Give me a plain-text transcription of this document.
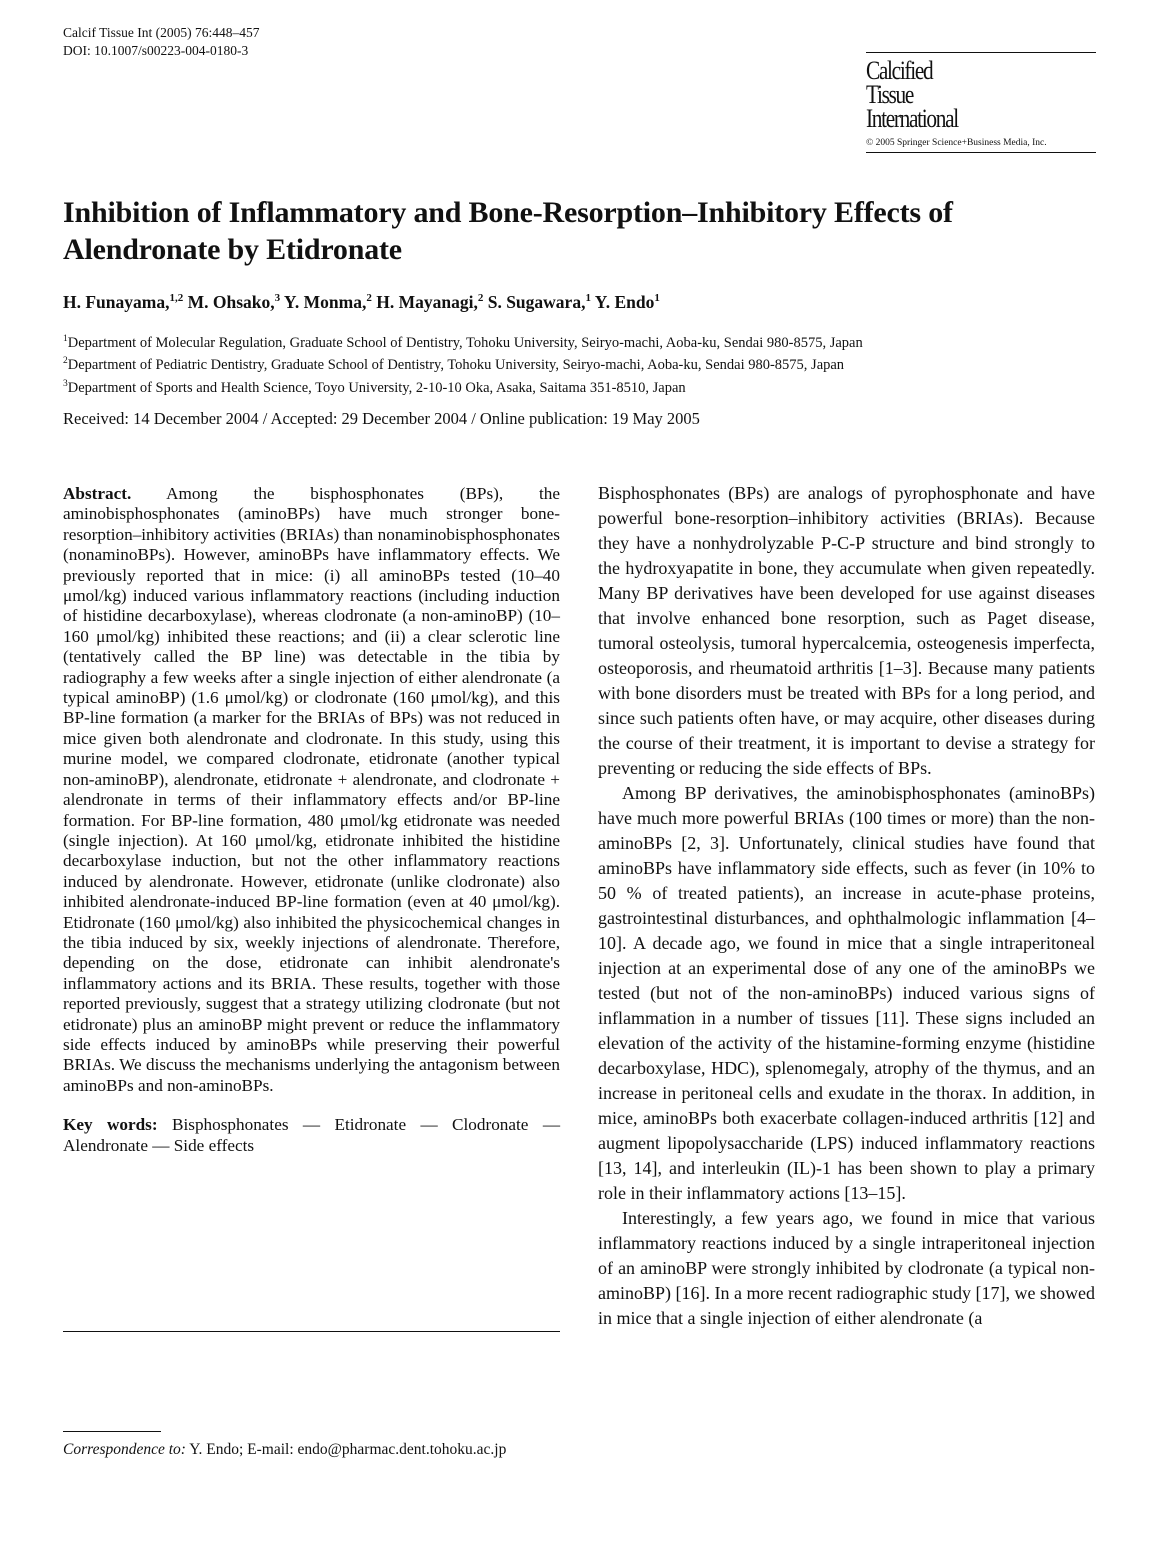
Calcif Tissue Int (2005) 76:448–457
DOI: 10.1007/s00223-004-0180-3
Calcified
Tissue
International
© 2005 Springer Science+Business Media, Inc.
Inhibition of Inflammatory and Bone-Resorption–Inhibitory Effects of Alendronate by Etidronate
H. Funayama,$^{1,2}$ M. Ohsako,$^3$ Y. Monma,$^2$ H. Mayanagi,$^2$ S. Sugawara,$^1$ Y. Endo$^1$
$^1$Department of Molecular Regulation, Graduate School of Dentistry, Tohoku University, Seiryo-machi, Aoba-ku, Sendai 980-8575, Japan
$^2$Department of Pediatric Dentistry, Graduate School of Dentistry, Tohoku University, Seiryo-machi, Aoba-ku, Sendai 980-8575, Japan
$^3$Department of Sports and Health Science, Toyo University, 2-10-10 Oka, Asaka, Saitama 351-8510, Japan
Received: 14 December 2004 / Accepted: 29 December 2004 / Online publication: 19 May 2005

Abstract. Among the bisphosphonates (BPs), the aminobisphosphonates (aminoBPs) have much stronger bone-resorption–inhibitory activities (BRIAs) than nonaminobisphosphonates (nonaminoBPs). However, aminoBPs have inflammatory effects. We previously reported that in mice: (i) all aminoBPs tested (10–40 μmol/kg) induced various inflammatory reactions (including induction of histidine decarboxylase), whereas clodronate (a non-aminoBP) (10–160 μmol/kg) inhibited these reactions; and (ii) a clear sclerotic line (tentatively called the BP line) was detectable in the tibia by radiography a few weeks after a single injection of either alendronate (a typical aminoBP) (1.6 μmol/kg) or clodronate (160 μmol/kg), and this BP-line formation (a marker for the BRIAs of BPs) was not reduced in mice given both alendronate and clodronate. In this study, using this murine model, we compared clodronate, etidronate (another typical non-aminoBP), alendronate, etidronate + alendronate, and clodronate + alendronate in terms of their inflammatory effects and/or BP-line formation. For BP-line formation, 480 μmol/kg etidronate was needed (single injection). At 160 μmol/kg, etidronate inhibited the histidine decarboxylase induction, but not the other inflammatory reactions induced by alendronate. However, etidronate (unlike clodronate) also inhibited alendronate-induced BP-line formation (even at 40 μmol/kg). Etidronate (160 μmol/kg) also inhibited the physicochemical changes in the tibia induced by six, weekly injections of alendronate. Therefore, depending on the dose, etidronate can inhibit alendronate's inflammatory actions and its BRIA. These results, together with those reported previously, suggest that a strategy utilizing clodronate (but not etidronate) plus an aminoBP might prevent or reduce the inflammatory side effects induced by aminoBPs while preserving their powerful BRIAs. We discuss the mechanisms underlying the antagonism between aminoBPs and non-aminoBPs.

Key words: Bisphosphonates — Etidronate — Clodronate — Alendronate — Side effects

Correspondence to: Y. Endo; E-mail: endo@pharmac.dent.tohoku.ac.jp

Bisphosphonates (BPs) are analogs of pyrophosphonate and have powerful bone-resorption–inhibitory activities (BRIAs). Because they have a nonhydrolyzable P-C-P structure and bind strongly to the hydroxyapatite in bone, they accumulate when given repeatedly. Many BP derivatives have been developed for use against diseases that involve enhanced bone resorption, such as Paget disease, tumoral osteolysis, tumoral hypercalcemia, osteogenesis imperfecta, osteoporosis, and rheumatoid arthritis [1–3]. Because many patients with bone disorders must be treated with BPs for a long period, and since such patients often have, or may acquire, other diseases during the course of their treatment, it is important to devise a strategy for preventing or reducing the side effects of BPs.

Among BP derivatives, the aminobisphosphonates (aminoBPs) have much more powerful BRIAs (100 times or more) than the non-aminoBPs [2, 3]. Unfortunately, clinical studies have found that aminoBPs have inflammatory side effects, such as fever (in 10% to 50 % of treated patients), an increase in acute-phase proteins, gastrointestinal disturbances, and ophthalmologic inflammation [4–10]. A decade ago, we found in mice that a single intraperitoneal injection at an experimental dose of any one of the aminoBPs we tested (but not of the non-aminoBPs) induced various signs of inflammation in a number of tissues [11]. These signs included an elevation of the activity of the histamine-forming enzyme (histidine decarboxylase, HDC), splenomegaly, atrophy of the thymus, and an increase in peritoneal cells and exudate in the thorax. In addition, in mice, aminoBPs both exacerbate collagen-induced arthritis [12] and augment lipopolysaccharide (LPS) induced inflammatory reactions [13, 14], and interleukin (IL)-1 has been shown to play a primary role in their inflammatory actions [13–15].

Interestingly, a few years ago, we found in mice that various inflammatory reactions induced by a single intraperitoneal injection of an aminoBP were strongly inhibited by clodronate (a typical non-aminoBP) [16]. In a more recent radiographic study [17], we showed in mice that a single injection of either alendronate (a
